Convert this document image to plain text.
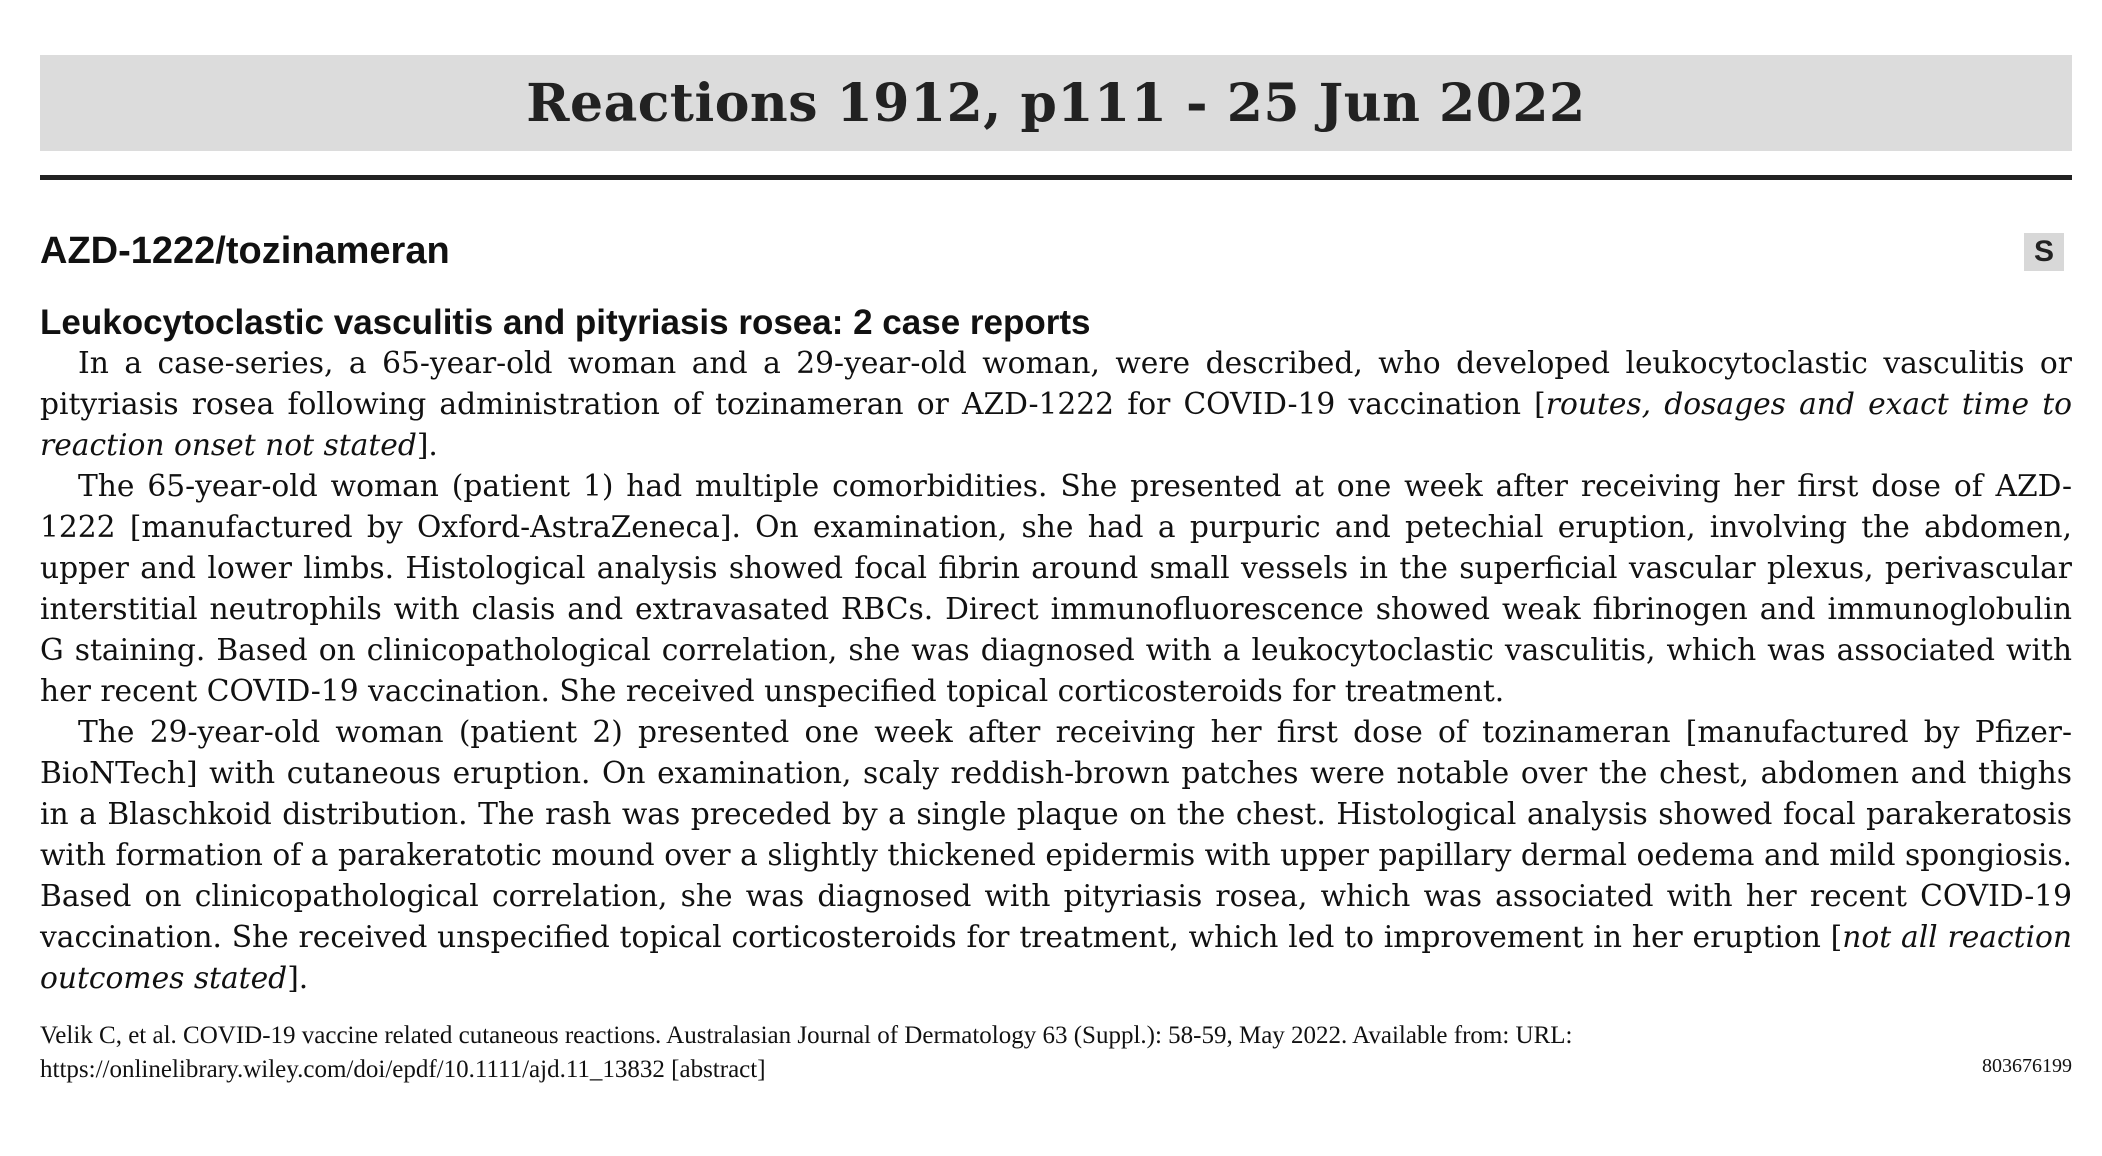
Reactions 1912, p111 - 25 Jun 2022
AZD-1222/tozinameran	S
Leukocytoclastic vasculitis and pityriasis rosea: 2 case reports

In a case-series, a 65-year-old woman and a 29-year-old woman, were described, who developed leukocytoclastic vasculitis or pityriasis rosea following administration of tozinameran or AZD-1222 for COVID-19 vaccination [routes, dosages and exact time to reaction onset not stated].

The 65-year-old woman (patient 1) had multiple comorbidities. She presented at one week after receiving her first dose of AZD-1222 [manufactured by Oxford-AstraZeneca]. On examination, she had a purpuric and petechial eruption, involving the abdomen, upper and lower limbs. Histological analysis showed focal fibrin around small vessels in the superficial vascular plexus, perivascular interstitial neutrophils with clasis and extravasated RBCs. Direct immunofluorescence showed weak fibrinogen and immunoglobulin G staining. Based on clinicopathological correlation, she was diagnosed with a leukocytoclastic vasculitis, which was associated with her recent COVID-19 vaccination. She received unspecified topical corticosteroids for treatment.

The 29-year-old woman (patient 2) presented one week after receiving her first dose of tozinameran [manufactured by Pfizer-BioNTech] with cutaneous eruption. On examination, scaly reddish-brown patches were notable over the chest, abdomen and thighs in a Blaschkoid distribution. The rash was preceded by a single plaque on the chest. Histological analysis showed focal parakeratosis with formation of a parakeratotic mound over a slightly thickened epidermis with upper papillary dermal oedema and mild spongiosis. Based on clinicopathological correlation, she was diagnosed with pityriasis rosea, which was associated with her recent COVID-19 vaccination. She received unspecified topical corticosteroids for treatment, which led to improvement in her eruption [not all reaction outcomes stated].

Velik C, et al. COVID-19 vaccine related cutaneous reactions. Australasian Journal of Dermatology 63 (Suppl.): 58-59, May 2022. Available from: URL: https://onlinelibrary.wiley.com/doi/epdf/10.1111/ajd.11_13832 [abstract]	803676199
